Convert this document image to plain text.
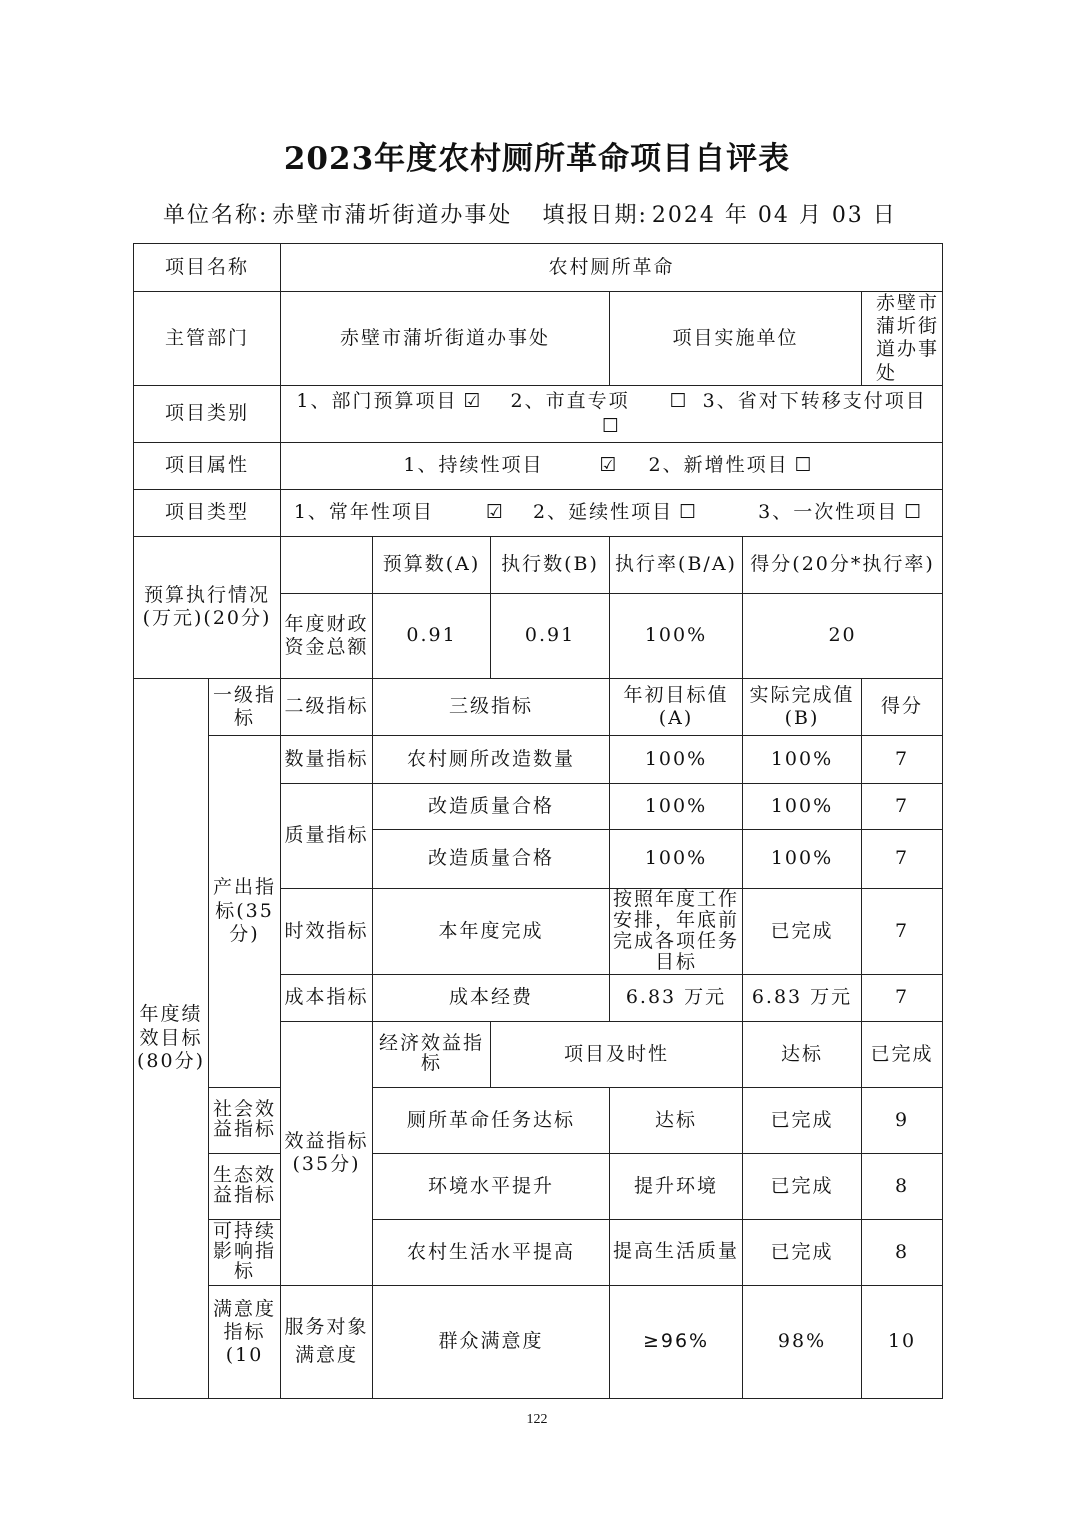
2023年度农村厕所革命项目自评表
单位名称: 赤壁市蒲圻街道办事处 填报日期: 2024 年 04 月 03 日
项目名称		农村厕所革命						
主管部门		赤壁市蒲圻街道办事处			项目实施单位		赤壁市蒲圻街道办事处	
项目类别		1、部门预算项目 ☑ 2、市直专项 ☐ 3、省对下转移支付项目☐						
项目属性		1、持续性项目 ☑ 2、新增性项目 ☐						
项目类型		1、常年性项目 ☑ 2、延续性项目 ☐ 3、一次性项目 ☐						
预算执行情况(万元)(20分)			预算数(A)	执行数(B)	执行率(B/A)	得分(20分*执行率)		
		年度财政资金总额	0.91	0.91	100%	20		
年度绩效目标(80分)	一级指标	二级指标	三级指标		年初目标值(A)	实际完成值(B)	得分	
	产出指标(35分)	数量指标	农村厕所改造数量		100%	100%	7	
		质量指标	改造质量合格		100%	100%	7	
			改造质量合格		100%	100%	7	
		时效指标	本年度完成		按照年度工作安排，年底前完成各项任务目标	已完成	7	
		成本指标	成本经费		6.83 万元	6.83 万元	7	
		效益指标(35分)	经济效益指标	项目及时性		达标	已完成	
	社会效益指标		厕所革命任务达标		达标	已完成	9	
	生态效益指标		环境水平提升		提升环境	已完成	8	
	可持续影响指标		农村生活水平提高		提高生活质量	已完成	8	
	满意度指标(10	服务对象满意度	群众满意度		≥96%	98%	10	
122
